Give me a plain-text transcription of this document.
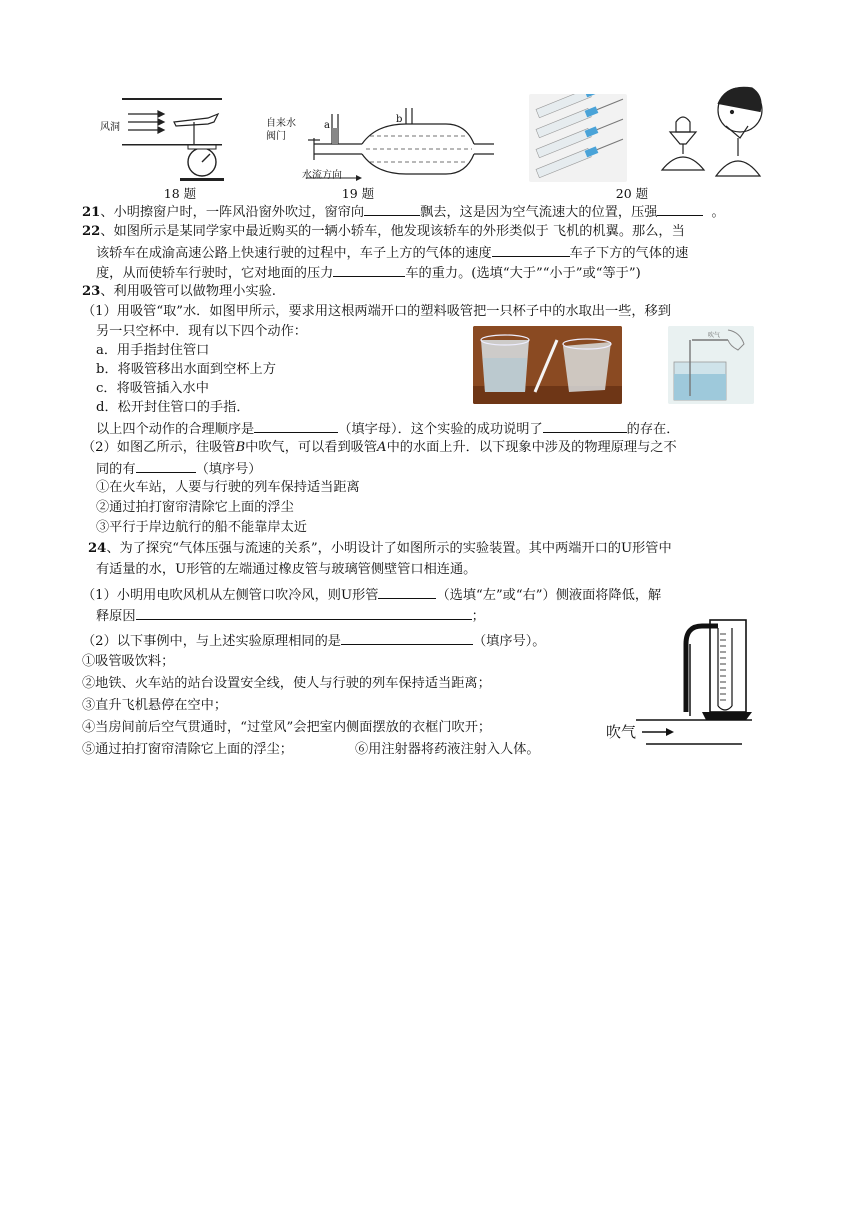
风洞
18 题
自来水
阀门
a
b
水流方向
19 题	20 题
21、小明擦窗户时，一阵风沿窗外吹过，窗帘向	飘去，这是因为空气流速大的位置，压强	。
22、如图所示是某同学家中最近购买的一辆小轿车，他发现该轿车的外形类似于 飞机的机翼。那么，当
该轿车在成渝高速公路上快速行驶的过程中，车子上方的气体的速度	车子下方的气体的速
度，从而使轿车行驶时，它对地面的压力	车的重力。(选填“大于”“小于”或“等于”)
23、利用吸管可以做物理小实验.
（1）用吸管“取”水．如图甲所示，要求用这根两端开口的塑料吸管把一只杯子中的水取出一些，移到
另一只空杯中．现有以下四个动作：
a．用手指封住管口
b．将吸管移出水面到空杯上方
c．将吸管插入水中
d．松开封住管口的手指．
吹气
以上四个动作的合理顺序是	（填字母）．这个实验的成功说明了	的存在．
（2）如图乙所示，往吸管B中吹气，可以看到吸管A中的水面上升．以下现象中涉及的物理原理与之不
同的有	（填序号）
①在火车站，人要与行驶的列车保持适当距离
②通过拍打窗帘清除它上面的浮尘
③平行于岸边航行的船不能靠岸太近
24、为了探究“气体压强与流速的关系”，小明设计了如图所示的实验装置。其中两端开口的U形管中
有适量的水，U形管的左端通过橡皮管与玻璃管侧壁管口相连通。
（1）小明用电吹风机从左侧管口吹冷风，则U形管	（选填“左”或“右”）侧液面将降低，解
释原因	；
（2）以下事例中，与上述实验原理相同的是	（填序号）。
①吸管吸饮料；
②地铁、火车站的站台设置安全线，使人与行驶的列车保持适当距离；
③直升飞机悬停在空中；
④当房间前后空气贯通时，“过堂风”会把室内侧面摆放的衣框门吹开；
⑤通过拍打窗帘清除它上面的浮尘；	⑥用注射器将药液注射入人体。
吹气
